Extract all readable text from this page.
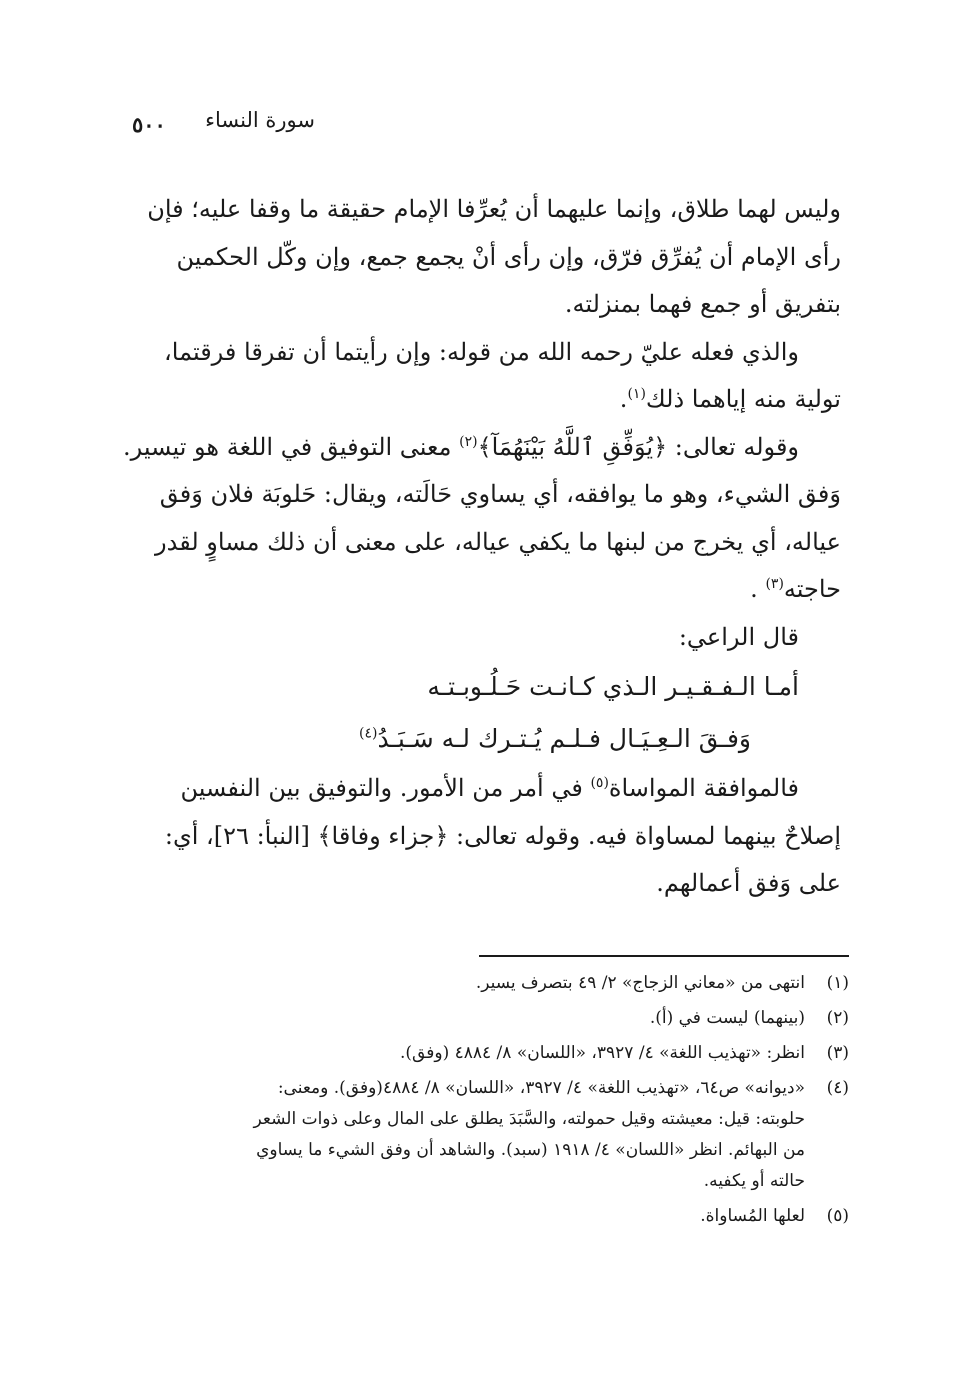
سورة النساء
٥٠٠
وليس لهما طلاق، وإنما عليهما أن يُعرِّفا الإمام حقيقة ما وقفا عليه؛ فإن
رأى الإمام أن يُفرِّق فرّق، وإن رأى أنْ يجمع جمع، وإن وكّل الحكمين
بتفريق أو جمع فهما بمنزلته.
والذي فعله عليّ رحمه الله من قوله: وإن رأيتما أن تفرقا فرقتما،
تولية منه إياهما ذلك$^{(١)}$.
وقوله تعالى: ﴿يُوَفِّقِ ٱللَّهُ بَيْنَهُمَآ﴾$^{(٢)}$ معنى التوفيق في اللغة هو تيسير.
وَفق الشيء، وهو ما يوافقه، أي يساوي حَالَته، ويقال: حَلوبَة فلان وَفق
عياله، أي يخرج من لبنها ما يكفي عياله، على معنى أن ذلك مساوٍ لقدر
حاجته$^{(٣)}$ .
قال الراعي:
أمـا الـفـقـيـر الـذي كـانـت حَـلُـوبـتـه
وَفـقَ الـعِـيَـال فـلـم يُـتـرك لـه سَـبَـدُ$^{(٤)}$
فالموافقة المواساة$^{(٥)}$ في أمر من الأمور. والتوفيق بين النفسين
إصلاحٌ بينهما لمساواة فيه. وقوله تعالى: ﴿جزاء وفاقا﴾ [النبأ: ٢٦]، أي:
على وَفق أعمالهم.
(١)
انتهى من «معاني الزجاج» ٢/ ٤٩ بتصرف يسير.
(٢)
(بينهما) ليست في (أ).
(٣)
انظر: «تهذيب اللغة» ٤/ ٣٩٢٧، «اللسان» ٨/ ٤٨٨٤ (وفق).
(٤)
«ديوانه» ص٦٤، «تهذيب اللغة» ٤/ ٣٩٢٧، «اللسان» ٨/ ٤٨٨٤(وفق). ومعنى:
حلوبته: قيل: معيشته وقيل حمولته، والسَّبَدَ يطلق على المال وعلى ذوات الشعر
من البهائم. انظر «اللسان» ٤/ ١٩١٨ (سبد). والشاهد أن وفق الشيء ما يساوي
حالته أو يكفيه.
(٥)
لعلها المُساواة.
